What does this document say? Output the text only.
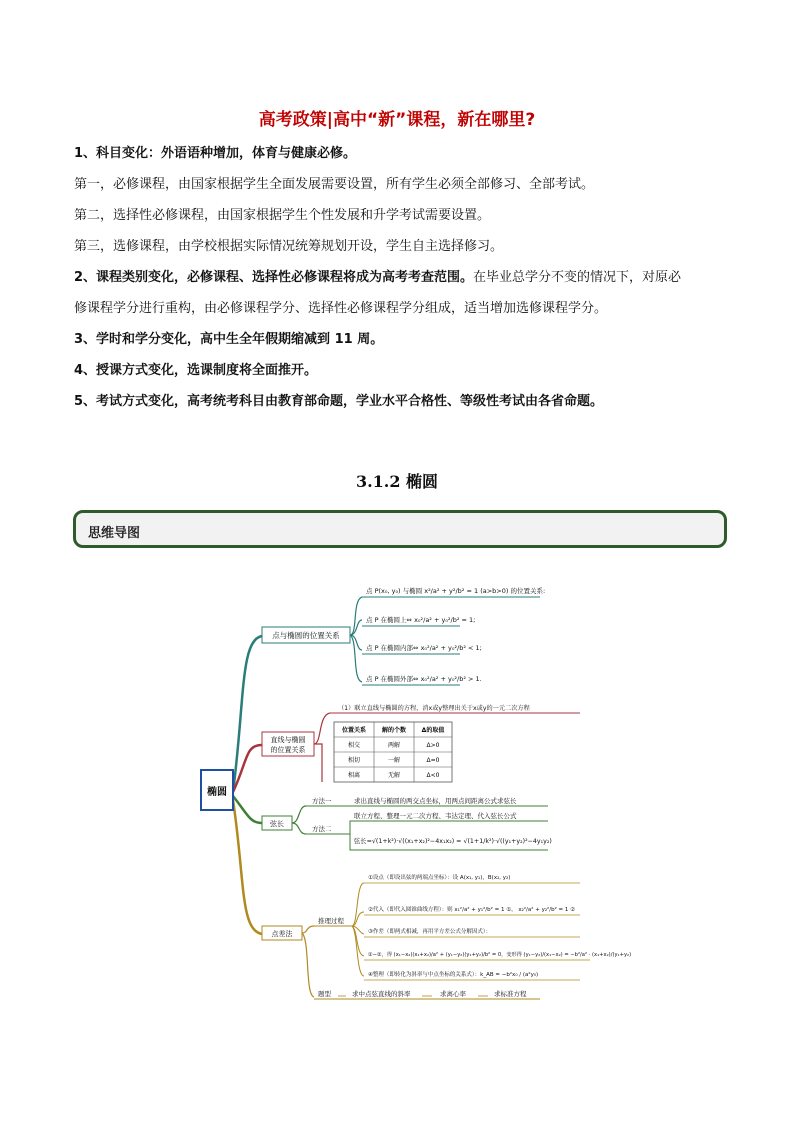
高考政策|高中“新”课程，新在哪里?
1、科目变化：外语语种增加，体育与健康必修。
第一，必修课程，由国家根据学生全面发展需要设置，所有学生必须全部修习、全部考试。
第二，选择性必修课程，由国家根据学生个性发展和升学考试需要设置。
第三，选修课程，由学校根据实际情况统筹规划开设，学生自主选择修习。
2、课程类别变化，必修课程、选择性必修课程将成为高考考查范围。在毕业总学分不变的情况下，对原必
修课程学分进行重构，由必修课程学分、选择性必修课程学分组成，适当增加选修课程学分。
3、学时和学分变化，高中生全年假期缩减到 11 周。
4、授课方式变化，选课制度将全面推开。
5、考试方式变化，高考统考科目由教育部命题，学业水平合格性、等级性考试由各省命题。
3.1.2 椭圆
思维导图
椭圆
点与椭圆的位置关系
点 P(x₀, y₀) 与椭圆 x²/a² + y²/b² = 1 (a>b>0) 的位置关系:
点 P 在椭圆上⇔ x₀²/a² + y₀²/b² = 1;
点 P 在椭圆内部⇔ x₀²/a² + y₀²/b² < 1;
点 P 在椭圆外部⇔ x₀²/a² + y₀²/b² > 1.
直线与椭圆
的位置关系
（1）联立直线与椭圆的方程，消x或y整理出关于x或y的一元二次方程
位置关系	解的个数	Δ的取值
相交	两解	Δ>0
相切	一解	Δ=0
相离	无解	Δ<0
弦长
方法一	求出直线与椭圆的两交点坐标，用两点间距离公式求弦长
方法二
联立方程、整理一元二次方程、韦达定理、代入弦长公式
弦长=√(1+k²)·√((x₁+x₂)²−4x₁x₂) = √(1+1/k²)·√((y₁+y₂)²−4y₁y₂)
点差法
推理过程
①设点（即设出弦的两端点坐标）：设 A(x₁, y₁)，B(x₂, y₂)
②代入（即代入圆锥曲线方程）：则 x₁²/a² + y₁²/b² = 1 ①， x₂²/a² + y₂²/b² = 1 ②
③作差（即两式相减，再用平方差公式分解因式）：
①−②，得 (x₁−x₂)(x₁+x₂)/a² + (y₁−y₂)(y₁+y₂)/b² = 0，变形得 (y₁−y₂)/(x₁−x₂) = −b²/a² · (x₁+x₂)/(y₁+y₂)
④整理（即转化为斜率与中点坐标的关系式）：k_AB = −b²x₀ / (a²y₀)
题型	求中点弦直线的斜率	求离心率	求标准方程
